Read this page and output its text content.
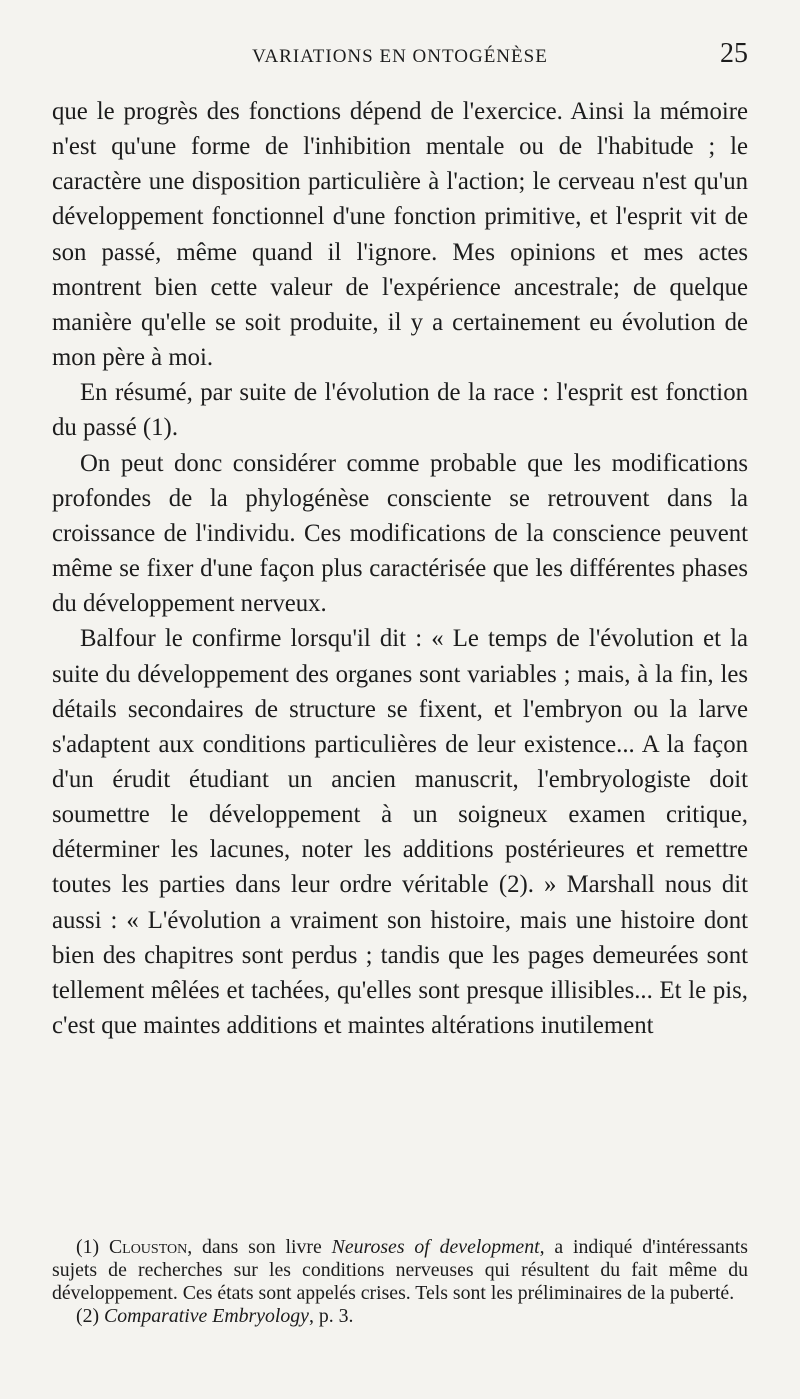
VARIATIONS EN ONTOGÉNÈSE	25

que le progrès des fonctions dépend de l'exercice. Ainsi la mémoire n'est qu'une forme de l'inhibition mentale ou de l'habitude ; le caractère une disposition particulière à l'action; le cerveau n'est qu'un développement fonctionnel d'une fonction primitive, et l'esprit vit de son passé, même quand il l'ignore. Mes opinions et mes actes montrent bien cette valeur de l'expérience ancestrale; de quelque manière qu'elle se soit produite, il y a certainement eu évolution de mon père à moi.

En résumé, par suite de l'évolution de la race : l'esprit est fonction du passé (1).

On peut donc considérer comme probable que les modifications profondes de la phylogénèse consciente se retrouvent dans la croissance de l'individu. Ces modifications de la conscience peuvent même se fixer d'une façon plus caractérisée que les différentes phases du développement nerveux.

Balfour le confirme lorsqu'il dit : « Le temps de l'évolution et la suite du développement des organes sont variables ; mais, à la fin, les détails secondaires de structure se fixent, et l'embryon ou la larve s'adaptent aux conditions particulières de leur existence... A la façon d'un érudit étudiant un ancien manuscrit, l'embryologiste doit soumettre le développement à un soigneux examen critique, déterminer les lacunes, noter les additions postérieures et remettre toutes les parties dans leur ordre véritable (2). » Marshall nous dit aussi : « L'évolution a vraiment son histoire, mais une histoire dont bien des chapitres sont perdus ; tandis que les pages demeurées sont tellement mêlées et tachées, qu'elles sont presque illisibles... Et le pis, c'est que maintes additions et maintes altérations inutilement

(1) Clouston, dans son livre Neuroses of development, a indiqué d'intéressants sujets de recherches sur les conditions nerveuses qui résultent du fait même du développement. Ces états sont appelés crises. Tels sont les préliminaires de la puberté.

(2) Comparative Embryology, p. 3.
